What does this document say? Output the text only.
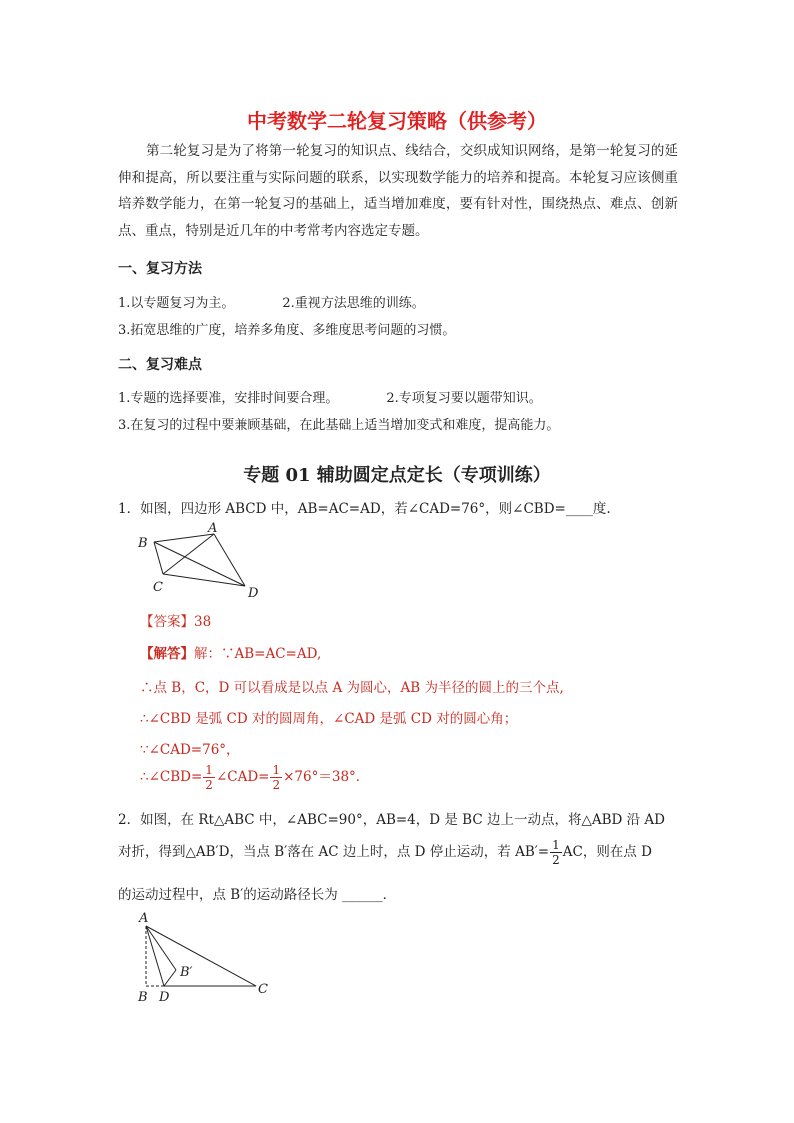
中考数学二轮复习策略（供参考）
第二轮复习是为了将第一轮复习的知识点、线结合，交织成知识网络，是第一轮复习的延伸和提高，所以要注重与实际问题的联系，以实现数学能力的培养和提高。本轮复习应该侧重培养数学能力，在第一轮复习的基础上，适当增加难度，要有针对性，围绕热点、难点、创新点、重点，特别是近几年的中考常考内容选定专题。
一、复习方法
1.以专题复习为主。	2.重视方法思维的训练。
3.拓宽思维的广度，培养多角度、多维度思考问题的习惯。
二、复习难点
1.专题的选择要准，安排时间要合理。	2.专项复习要以题带知识。
3.在复习的过程中要兼顾基础，在此基础上适当增加变式和难度，提高能力。
专题 01 辅助圆定点定长（专项训练）
1．如图，四边形 ABCD 中，AB=AC=AD，若∠CAD=76°，则∠CBD=____度.
A
B
C	D
【答案】38
【解答】解：∵AB=AC=AD,
∴点 B，C，D 可以看成是以点 A 为圆心，AB 为半径的圆上的三个点,
∴∠CBD 是弧 CD 对的圆周角，∠CAD 是弧 CD 对的圆心角；
∵∠CAD=76°，
∴∠CBD= $\frac{1}{2}$ ∠CAD= $\frac{1}{2} \times 76^\circ=38^\circ$．
2．如图，在 Rt△ABC 中，∠ABC=90°，AB=4，D 是 BC 边上一动点，将△ABD 沿 AD
对折，得到△AB′D，当点 B′落在 AC 边上时，点 D 停止运动，若 $AB'= \frac{1}{2}$ AC，则在点 D
的运动过程中，点 B′的运动路径长为 ______．
A
B D
C
B′
